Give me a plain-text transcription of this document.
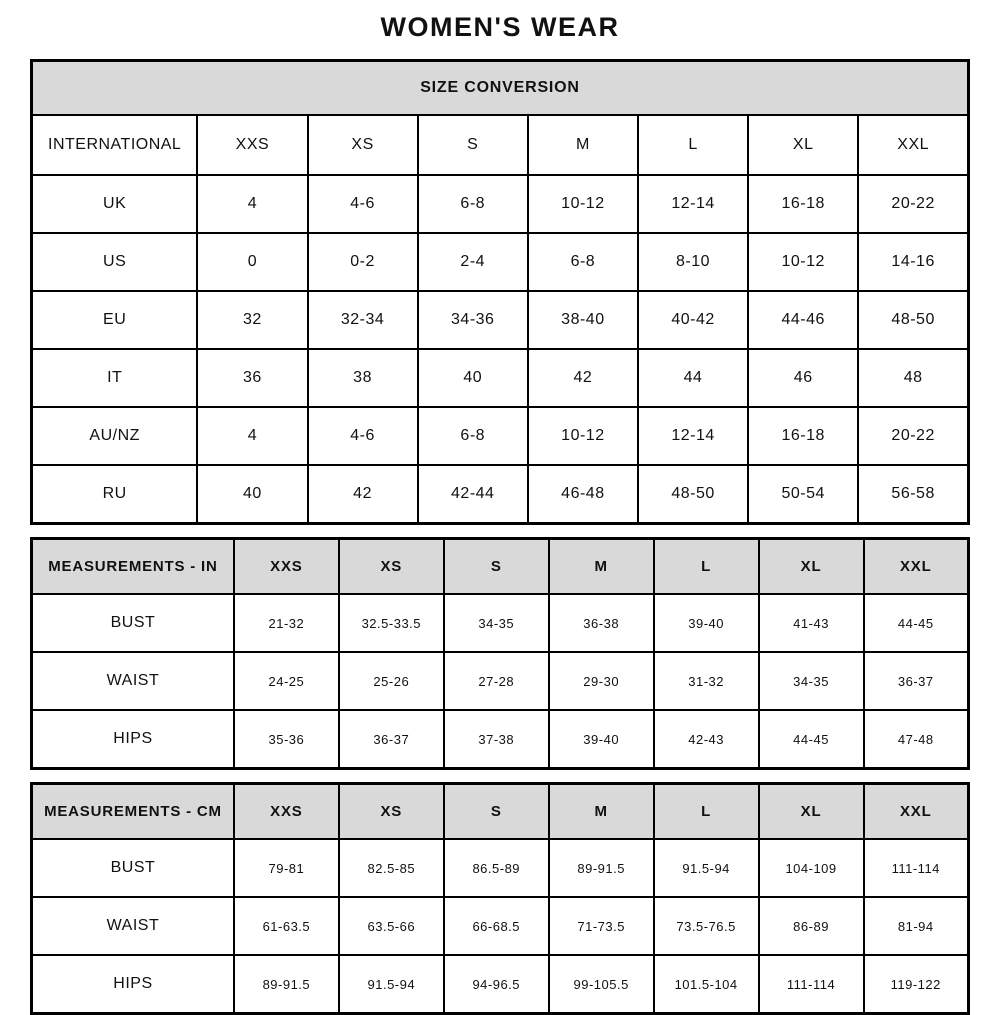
WOMEN'S WEAR
SIZE CONVERSION							
INTERNATIONAL	XXS	XS	S	M	L	XL	XXL
UK	4	4-6	6-8	10-12	12-14	16-18	20-22
US	0	0-2	2-4	6-8	8-10	10-12	14-16
EU	32	32-34	34-36	38-40	40-42	44-46	48-50
IT	36	38	40	42	44	46	48
AU/NZ	4	4-6	6-8	10-12	12-14	16-18	20-22
RU	40	42	42-44	46-48	48-50	50-54	56-58
MEASUREMENTS - IN	XXS	XS	S	M	L	XL	XXL
BUST	21-32	32.5-33.5	34-35	36-38	39-40	41-43	44-45
WAIST	24-25	25-26	27-28	29-30	31-32	34-35	36-37
HIPS	35-36	36-37	37-38	39-40	42-43	44-45	47-48
MEASUREMENTS - CM	XXS	XS	S	M	L	XL	XXL
BUST	79-81	82.5-85	86.5-89	89-91.5	91.5-94	104-109	111-114
WAIST	61-63.5	63.5-66	66-68.5	71-73.5	73.5-76.5	86-89	81-94
HIPS	89-91.5	91.5-94	94-96.5	99-105.5	101.5-104	111-114	119-122
